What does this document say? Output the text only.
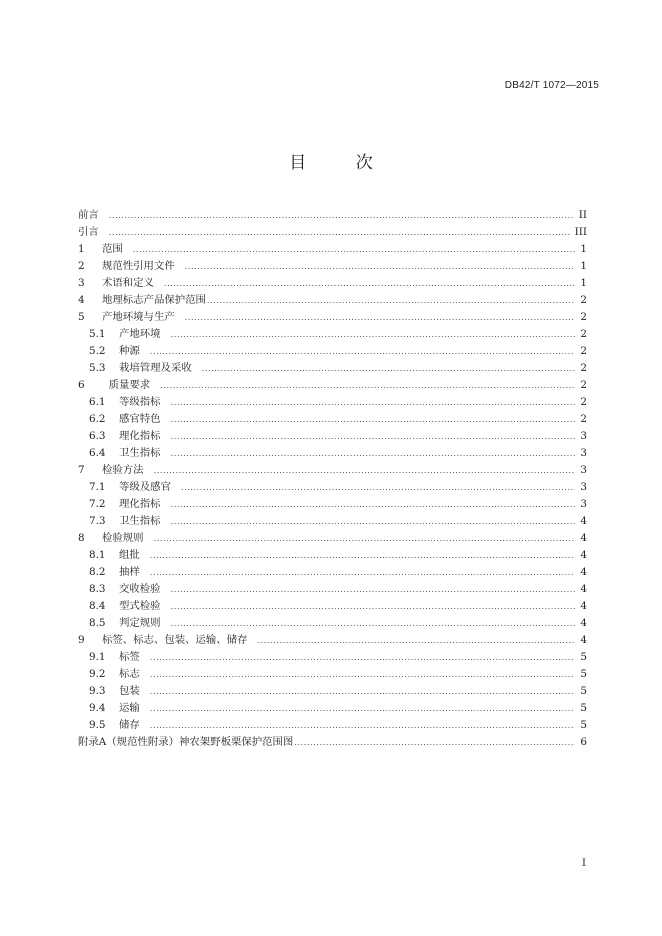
DB42/T 1072—2015
目 次
前言 .....	II
引言 .....	III
1	范围 .....	1
2	规范性引用文件 .....	1
3	术语和定义 .....	1
4	地理标志产品保护范围 .....	2
5	产地环境与生产 .....	2
5.1	产地环境 .....	2
5.2	种源 .....	2
5.3	栽培管理及采收 .....	2
6	质量要求 .....	2
6.1	等级指标 .....	2
6.2	感官特色 .....	2
6.3	理化指标 .....	3
6.4	卫生指标 .....	3
7	检验方法 .....	3
7.1	等级及感官 .....	3
7.2	理化指标 .....	3
7.3	卫生指标 .....	4
8	检验规则 .....	4
8.1	组批 .....	4
8.2	抽样 .....	4
8.3	交收检验 .....	4
8.4	型式检验 .....	4
8.5	判定规则 .....	4
9	标签、标志、包装、运输、储存 .....	4
9.1	标签 .....	5
9.2	标志 .....	5
9.3	包装 .....	5
9.4	运输 .....	5
9.5	储存 .....	5
附录A（规范性附录）神农架野板栗保护范围图 .....	6
I
